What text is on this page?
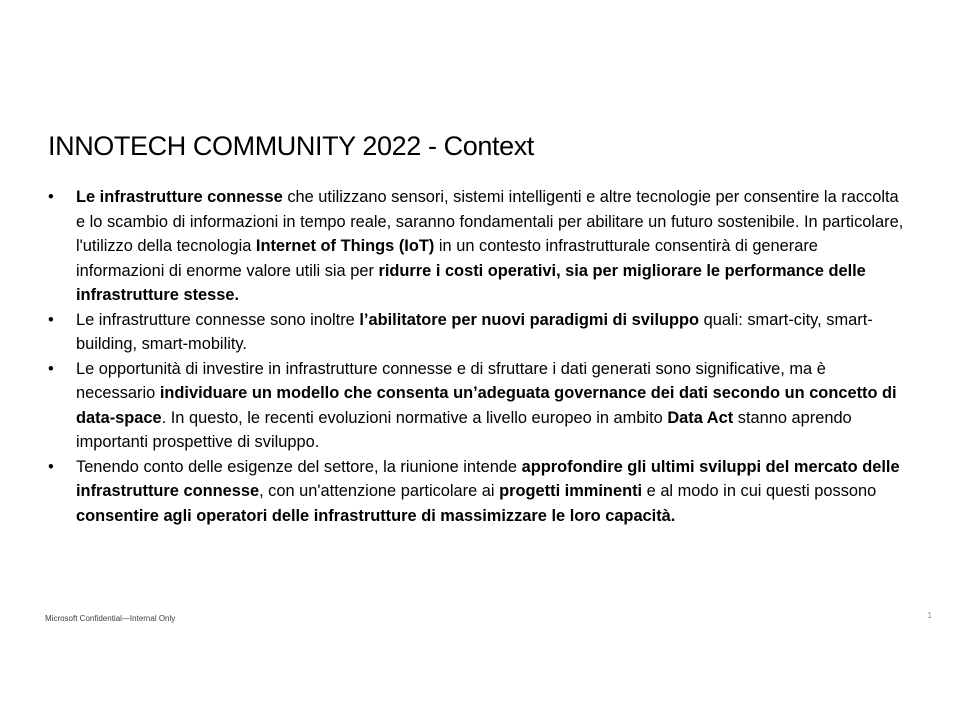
INNOTECH COMMUNITY 2022 - Context
•	Le infrastrutture connesse che utilizzano sensori, sistemi intelligenti e altre tecnologie per consentire la raccolta e lo scambio di informazioni in tempo reale, saranno fondamentali per abilitare un futuro sostenibile. In particolare, l'utilizzo della tecnologia Internet of Things (IoT) in un contesto infrastrutturale consentirà di generare informazioni di enorme valore utili sia per ridurre i costi operativi, sia per migliorare le performance delle infrastrutture stesse.
•	Le infrastrutture connesse sono inoltre l’abilitatore per nuovi paradigmi di sviluppo quali: smart-city, smart-building, smart-mobility.
•	Le opportunità di investire in infrastrutture connesse e di sfruttare i dati generati sono significative, ma è necessario individuare un modello che consenta un’adeguata governance dei dati secondo un concetto di data-space. In questo, le recenti evoluzioni normative a livello europeo in ambito Data Act stanno aprendo importanti prospettive di sviluppo.
•	Tenendo conto delle esigenze del settore, la riunione intende approfondire gli ultimi sviluppi del mercato delle infrastrutture connesse, con un'attenzione particolare ai progetti imminenti e al modo in cui questi possono consentire agli operatori delle infrastrutture di massimizzare le loro capacità.
Microsoft Confidential—Internal Only	1
